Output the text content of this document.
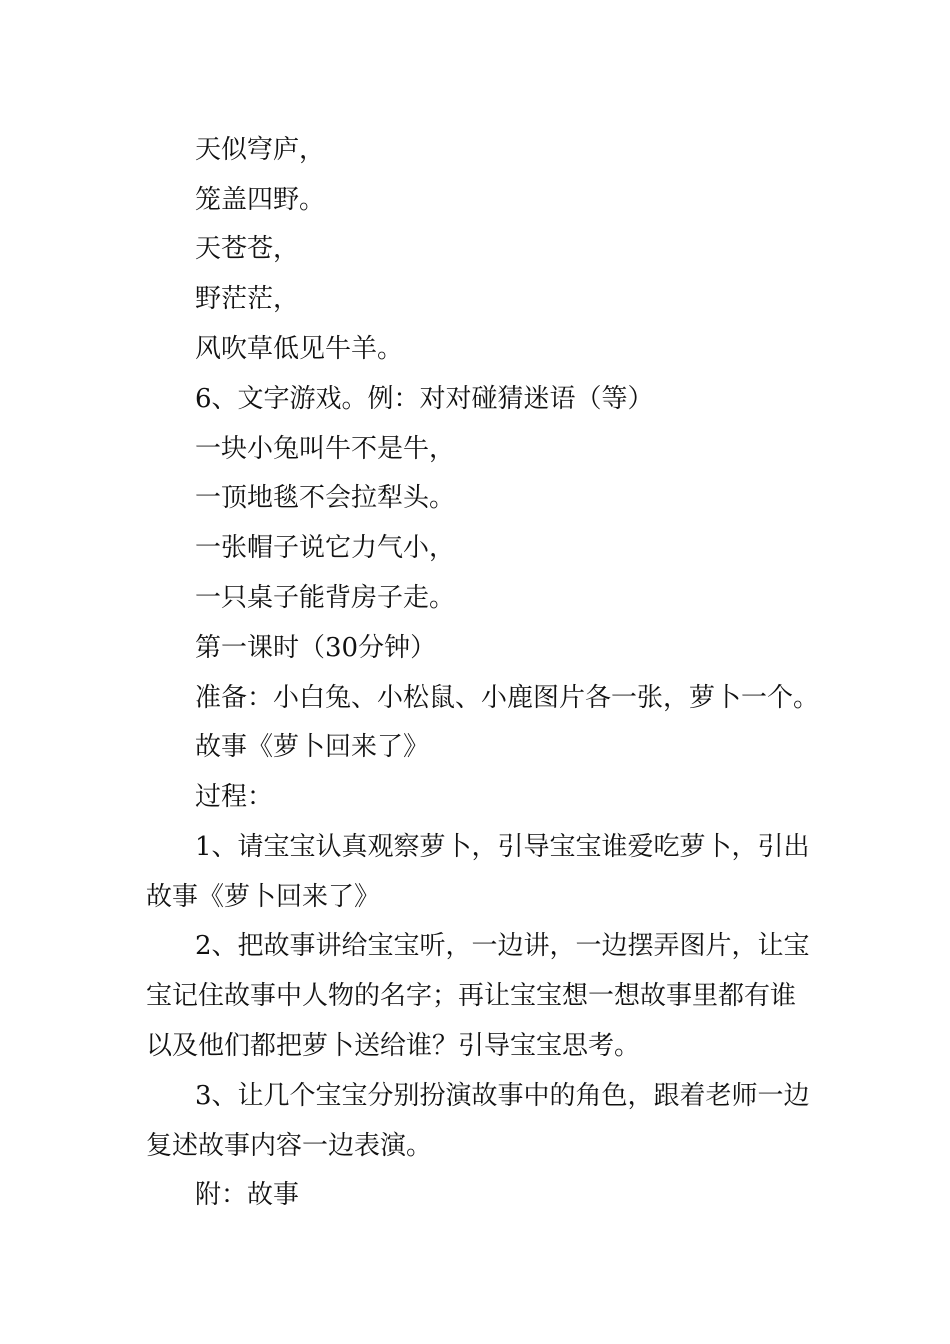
天似穹庐，
笼盖四野。
天苍苍，
野茫茫，
风吹草低见牛羊。
6、文字游戏。例：对对碰猜迷语（等）
一块小兔叫牛不是牛，
一顶地毯不会拉犁头。
一张帽子说它力气小，
一只桌子能背房子走。
第一课时（30分钟）
准备：小白兔、小松鼠、小鹿图片各一张，萝卜一个。
故事《萝卜回来了》
过程：
1、请宝宝认真观察萝卜，引导宝宝谁爱吃萝卜，引出
故事《萝卜回来了》
2、把故事讲给宝宝听，一边讲，一边摆弄图片，让宝
宝记住故事中人物的名字；再让宝宝想一想故事里都有谁
以及他们都把萝卜送给谁？引导宝宝思考。
3、让几个宝宝分别扮演故事中的角色，跟着老师一边
复述故事内容一边表演。
附：故事
